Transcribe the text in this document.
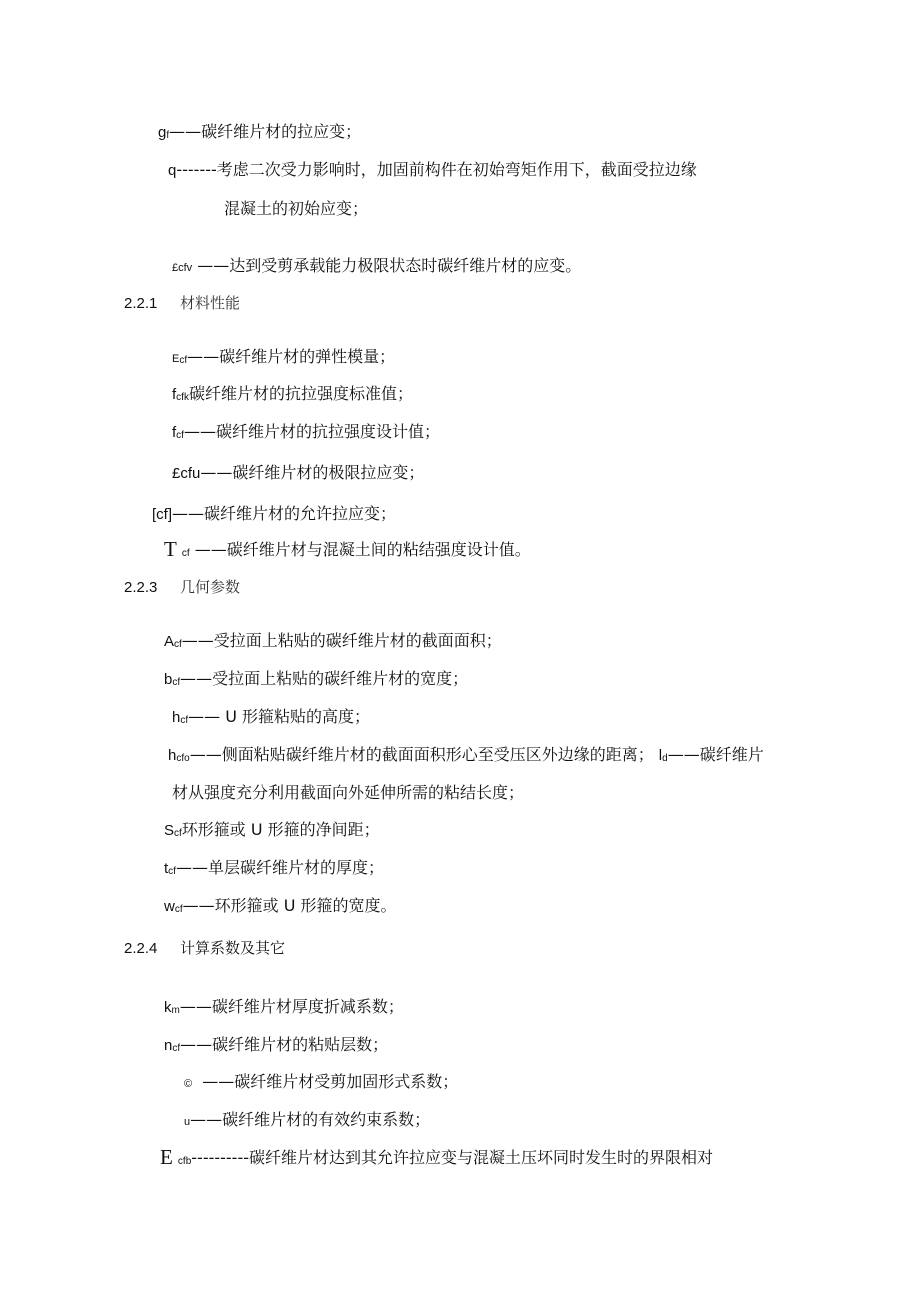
gf——碳纤维片材的拉应变；
q-------考虑二次受力影响时，加固前构件在初始弯矩作用下，截面受拉边缘
混凝土的初始应变；
£cfv ——达到受剪承载能力极限状态时碳纤维片材的应变。
2.2.1 材料性能
Ecf——碳纤维片材的弹性模量；
fcfk碳纤维片材的抗拉强度标准值；
fcf——碳纤维片材的抗拉强度设计值；
£cfu——碳纤维片材的极限拉应变；
[cf]——碳纤维片材的允许拉应变；
T cf ——碳纤维片材与混凝土间的粘结强度设计值。
2.2.3 几何参数
Acf——受拉面上粘贴的碳纤维片材的截面面积；
bcf——受拉面上粘贴的碳纤维片材的宽度；
hcf—— U 形箍粘贴的高度；
hcfo——侧面粘贴碳纤维片材的截面面积形心至受压区外边缘的距离； ld——碳纤维片
材从强度充分利用截面向外延伸所需的粘结长度；
Scf环形箍或 U 形箍的净间距；
tcf——单层碳纤维片材的厚度；
wcf——环形箍或 U 形箍的宽度。
2.2.4 计算系数及其它
km——碳纤维片材厚度折减系数；
ncf——碳纤维片材的粘贴层数；
© ——碳纤维片材受剪加固形式系数；
u——碳纤维片材的有效约束系数；
E cfb----------碳纤维片材达到其允许拉应变与混凝土压坏同时发生时的界限相对
